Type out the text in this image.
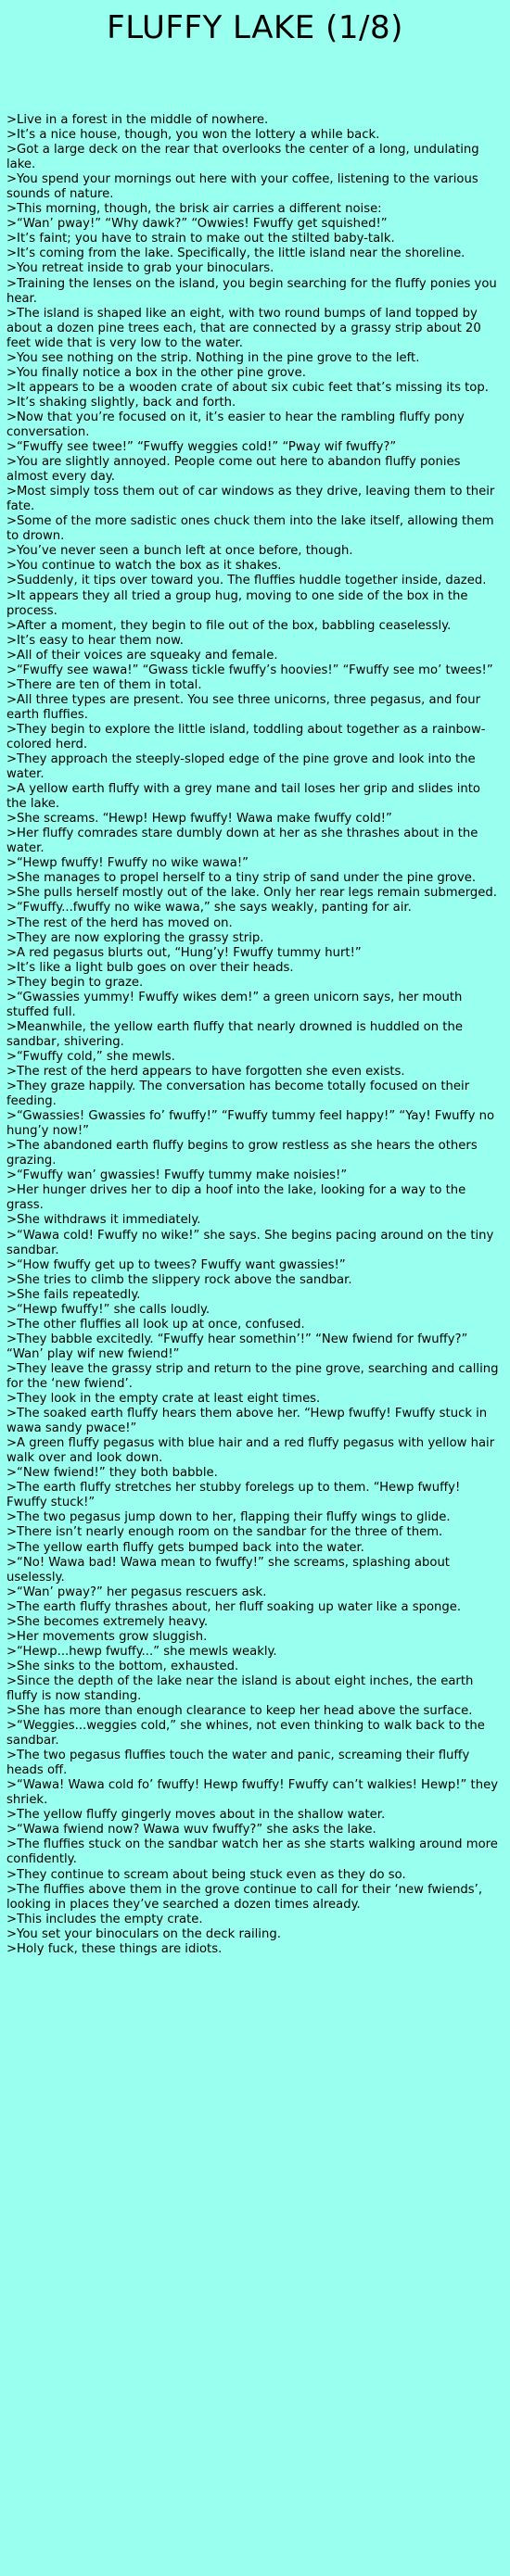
FLUFFY LAKE (1/8)

>Live in a forest in the middle of nowhere.

>It’s a nice house, though, you won the lottery a while back.

>Got a large deck on the rear that overlooks the center of a long, undulating lake.

>You spend your mornings out here with your coffee, listening to the various sounds of nature.

>This morning, though, the brisk air carries a different noise:

>“Wan’ pway!” “Why dawk?” “Owwies! Fwuffy get squished!”

>It’s faint; you have to strain to make out the stilted baby-talk.

>It’s coming from the lake. Specifically, the little island near the shoreline.

>You retreat inside to grab your binoculars.

>Training the lenses on the island, you begin searching for the fluffy ponies you hear.

>The island is shaped like an eight, with two round bumps of land topped by about a dozen pine trees each, that are connected by a grassy strip about 20 feet wide that is very low to the water.

>You see nothing on the strip. Nothing in the pine grove to the left.

>You finally notice a box in the other pine grove.

>It appears to be a wooden crate of about six cubic feet that’s missing its top.

>It’s shaking slightly, back and forth.

>Now that you’re focused on it, it’s easier to hear the rambling fluffy pony conversation.

>“Fwuffy see twee!” “Fwuffy weggies cold!” “Pway wif fwuffy?”

>You are slightly annoyed. People come out here to abandon fluffy ponies almost every day.

>Most simply toss them out of car windows as they drive, leaving them to their fate.

>Some of the more sadistic ones chuck them into the lake itself, allowing them to drown.

>You’ve never seen a bunch left at once before, though.

>You continue to watch the box as it shakes.

>Suddenly, it tips over toward you. The fluffies huddle together inside, dazed.

>It appears they all tried a group hug, moving to one side of the box in the process.

>After a moment, they begin to file out of the box, babbling ceaselessly.

>It’s easy to hear them now.

>All of their voices are squeaky and female.

>“Fwuffy see wawa!” “Gwass tickle fwuffy’s hoovies!” “Fwuffy see mo’ twees!”

>There are ten of them in total.

>All three types are present. You see three unicorns, three pegasus, and four earth fluffies.

>They begin to explore the little island, toddling about together as a rainbow-colored herd.

>They approach the steeply-sloped edge of the pine grove and look into the water.

>A yellow earth fluffy with a grey mane and tail loses her grip and slides into the lake.

>She screams. “Hewp! Hewp fwuffy! Wawa make fwuffy cold!”

>Her fluffy comrades stare dumbly down at her as she thrashes about in the water.

>“Hewp fwuffy! Fwuffy no wike wawa!”

>She manages to propel herself to a tiny strip of sand under the pine grove.

>She pulls herself mostly out of the lake. Only her rear legs remain submerged.

>“Fwuffy...fwuffy no wike wawa,” she says weakly, panting for air.

>The rest of the herd has moved on.

>They are now exploring the grassy strip.

>A red pegasus blurts out, “Hung’y! Fwuffy tummy hurt!”

>It’s like a light bulb goes on over their heads.

>They begin to graze.

>“Gwassies yummy! Fwuffy wikes dem!” a green unicorn says, her mouth stuffed full.

>Meanwhile, the yellow earth fluffy that nearly drowned is huddled on the sandbar, shivering.

>“Fwuffy cold,” she mewls.

>The rest of the herd appears to have forgotten she even exists.

>They graze happily. The conversation has become totally focused on their feeding.

>“Gwassies! Gwassies fo’ fwuffy!” “Fwuffy tummy feel happy!” “Yay! Fwuffy no hung’y now!”

>The abandoned earth fluffy begins to grow restless as she hears the others grazing.

>“Fwuffy wan’ gwassies! Fwuffy tummy make noisies!”

>Her hunger drives her to dip a hoof into the lake, looking for a way to the grass.

>She withdraws it immediately.

>“Wawa cold! Fwuffy no wike!” she says. She begins pacing around on the tiny sandbar.

>“How fwuffy get up to twees? Fwuffy want gwassies!”

>She tries to climb the slippery rock above the sandbar.

>She fails repeatedly.

>“Hewp fwuffy!” she calls loudly.

>The other fluffies all look up at once, confused.

>They babble excitedly. “Fwuffy hear somethin’!” “New fwiend for fwuffy?” “Wan’ play wif new fwiend!”

>They leave the grassy strip and return to the pine grove, searching and calling for the ‘new fwiend’.

>They look in the empty crate at least eight times.

>The soaked earth fluffy hears them above her. “Hewp fwuffy! Fwuffy stuck in wawa sandy pwace!”

>A green fluffy pegasus with blue hair and a red fluffy pegasus with yellow hair walk over and look down.

>“New fwiend!” they both babble.

>The earth fluffy stretches her stubby forelegs up to them. “Hewp fwuffy! Fwuffy stuck!”

>The two pegasus jump down to her, flapping their fluffy wings to glide.

>There isn’t nearly enough room on the sandbar for the three of them.

>The yellow earth fluffy gets bumped back into the water.

>“No! Wawa bad! Wawa mean to fwuffy!” she screams, splashing about uselessly.

>“Wan’ pway?” her pegasus rescuers ask.

>The earth fluffy thrashes about, her fluff soaking up water like a sponge.

>She becomes extremely heavy.

>Her movements grow sluggish.

>“Hewp...hewp fwuffy...” she mewls weakly.

>She sinks to the bottom, exhausted.

>Since the depth of the lake near the island is about eight inches, the earth fluffy is now standing.

>She has more than enough clearance to keep her head above the surface.

>“Weggies...weggies cold,” she whines, not even thinking to walk back to the sandbar.

>The two pegasus fluffies touch the water and panic, screaming their fluffy heads off.

>“Wawa! Wawa cold fo’ fwuffy! Hewp fwuffy! Fwuffy can’t walkies! Hewp!” they shriek.

>The yellow fluffy gingerly moves about in the shallow water.

>“Wawa fwiend now? Wawa wuv fwuffy?” she asks the lake.

>The fluffies stuck on the sandbar watch her as she starts walking around more confidently.

>They continue to scream about being stuck even as they do so.

>The fluffies above them in the grove continue to call for their ‘new fwiends’, looking in places they’ve searched a dozen times already.

>This includes the empty crate.

>You set your binoculars on the deck railing.

>Holy fuck, these things are idiots.
